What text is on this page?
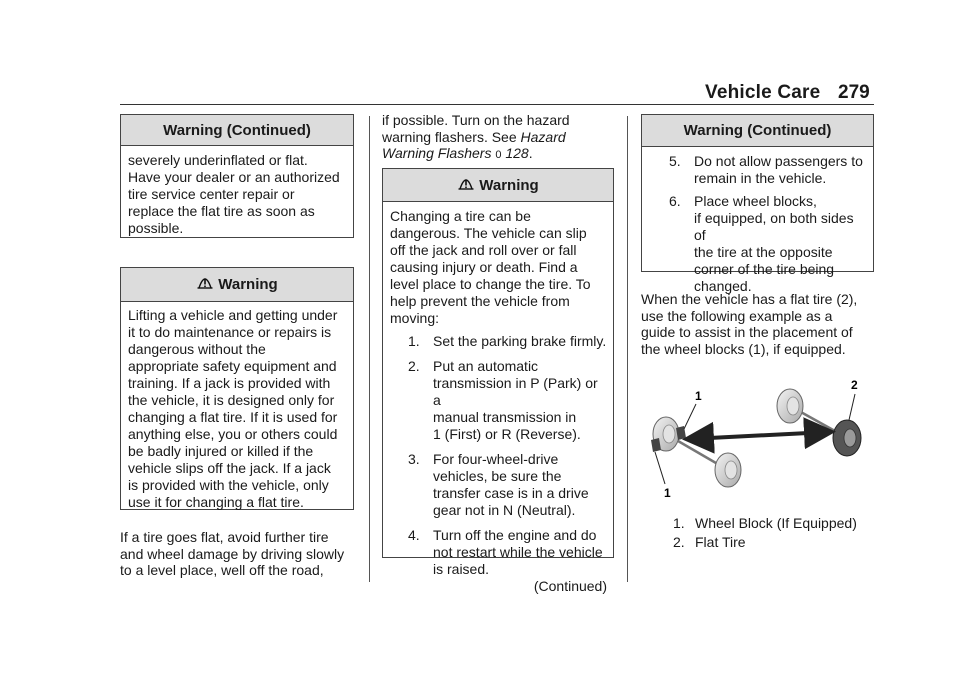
Vehicle Care 279
Warning (Continued)
severely underinflated or flat.
Have your dealer or an authorized
tire service center repair or
replace the flat tire as soon as
possible.
Warning
Lifting a vehicle and getting under
it to do maintenance or repairs is
dangerous without the
appropriate safety equipment and
training. If a jack is provided with
the vehicle, it is designed only for
changing a flat tire. If it is used for
anything else, you or others could
be badly injured or killed if the
vehicle slips off the jack. If a jack
is provided with the vehicle, only
use it for changing a flat tire.
If a tire goes flat, avoid further tire
and wheel damage by driving slowly
to a level place, well off the road,
if possible. Turn on the hazard
warning flashers. See Hazard
Warning Flashers 0 128.
Warning
Changing a tire can be
dangerous. The vehicle can slip
off the jack and roll over or fall
causing injury or death. Find a
level place to change the tire. To
help prevent the vehicle from
moving:
1. Set the parking brake firmly.
2. Put an automatic
transmission in P (Park) or a
manual transmission in
1 (First) or R (Reverse).
3. For four-wheel-drive
vehicles, be sure the
transfer case is in a drive
gear not in N (Neutral).
4. Turn off the engine and do
not restart while the vehicle
is raised.
(Continued)
Warning (Continued)
5. Do not allow passengers to
remain in the vehicle.
6. Place wheel blocks,
if equipped, on both sides of
the tire at the opposite
corner of the tire being
changed.
When the vehicle has a flat tire (2),
use the following example as a
guide to assist in the placement of
the wheel blocks (1), if equipped.
1
1
2
1. Wheel Block (If Equipped)
2. Flat Tire
